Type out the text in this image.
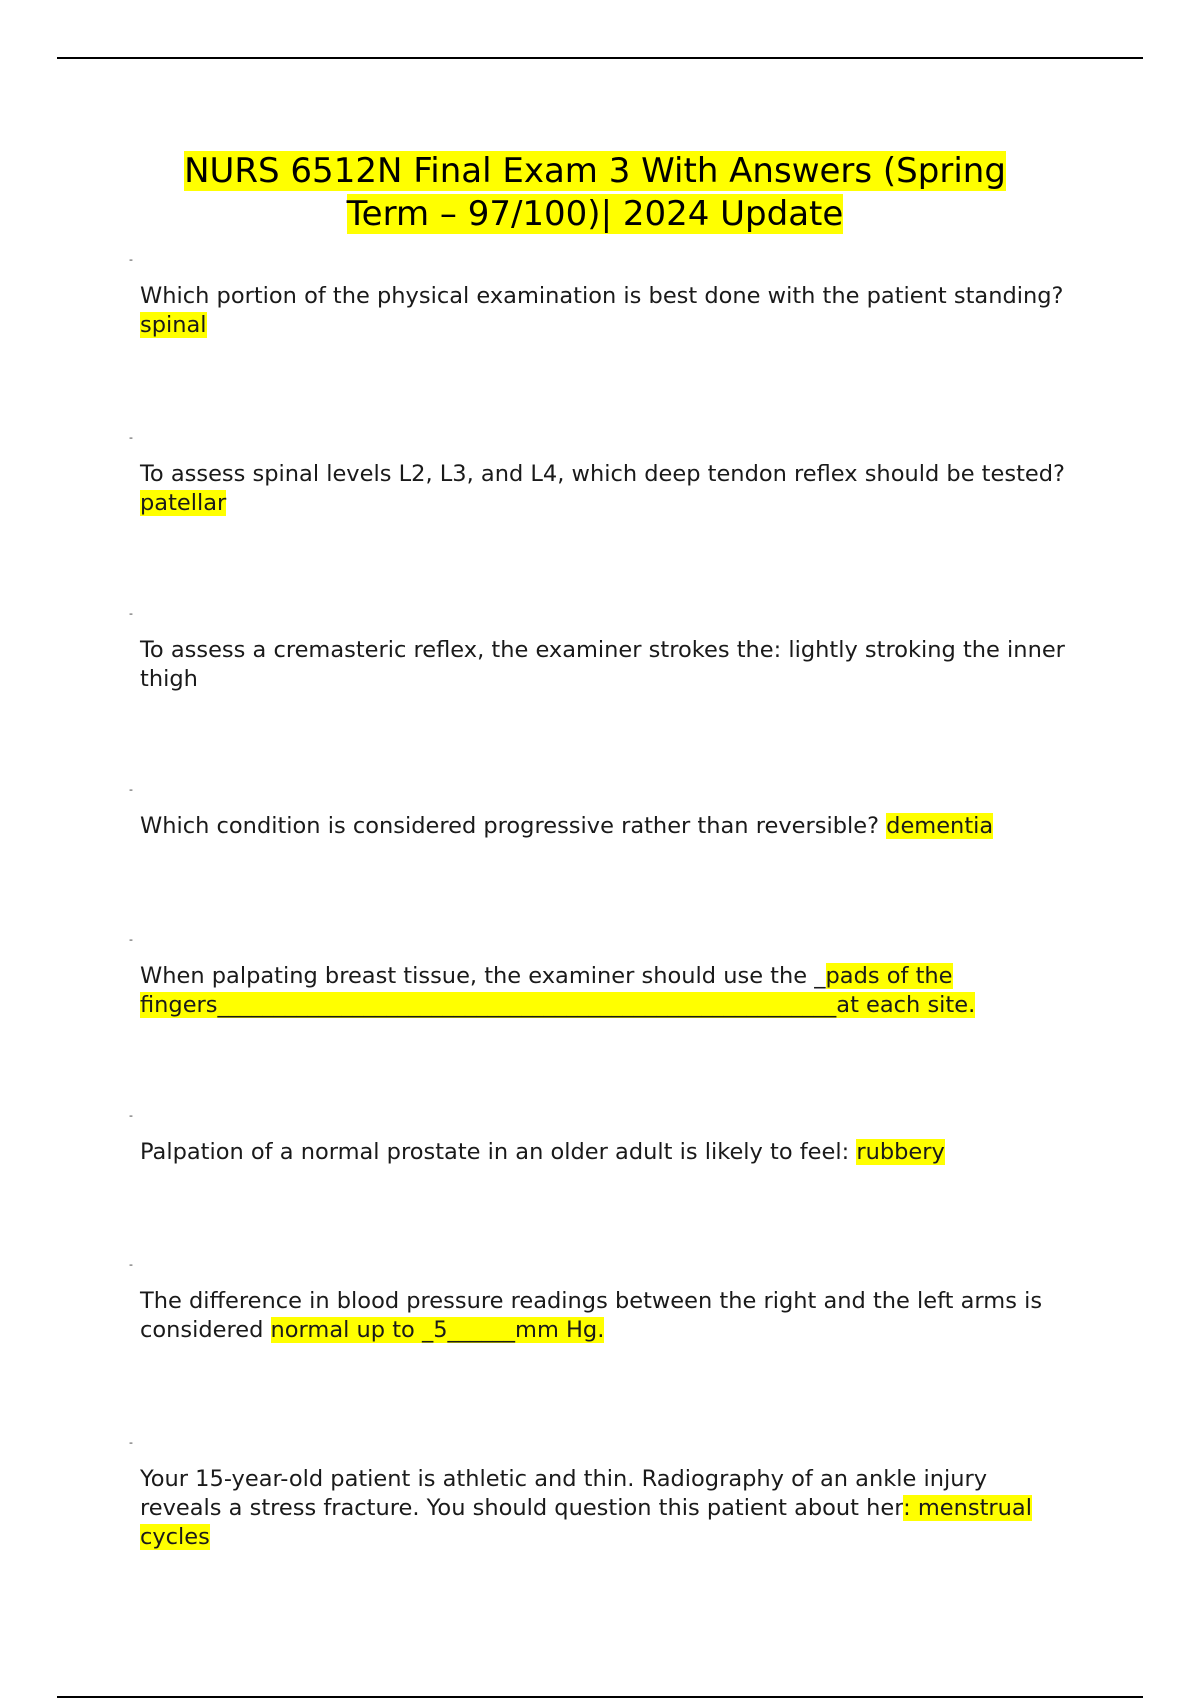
NURS 6512N Final Exam 3 With Answers (Spring
Term – 97/100)| 2024 Update
-

Which portion of the physical examination is best done with the patient standing? spinal

-

To assess spinal levels L2, L3, and L4, which deep tendon reflex should be tested? patellar

-

To assess a cremasteric reflex, the examiner strokes the: lightly stroking the inner thigh

-

Which condition is considered progressive rather than reversible? dementia

-

When palpating breast tissue, the examiner should use the _pads of the fingers_______________________________________________________at each site.

-

Palpation of a normal prostate in an older adult is likely to feel: rubbery

-

The difference in blood pressure readings between the right and the left arms is considered normal up to _5______mm Hg.

-

Your 15-year-old patient is athletic and thin. Radiography of an ankle injury reveals a stress fracture. You should question this patient about her: menstrual cycles
